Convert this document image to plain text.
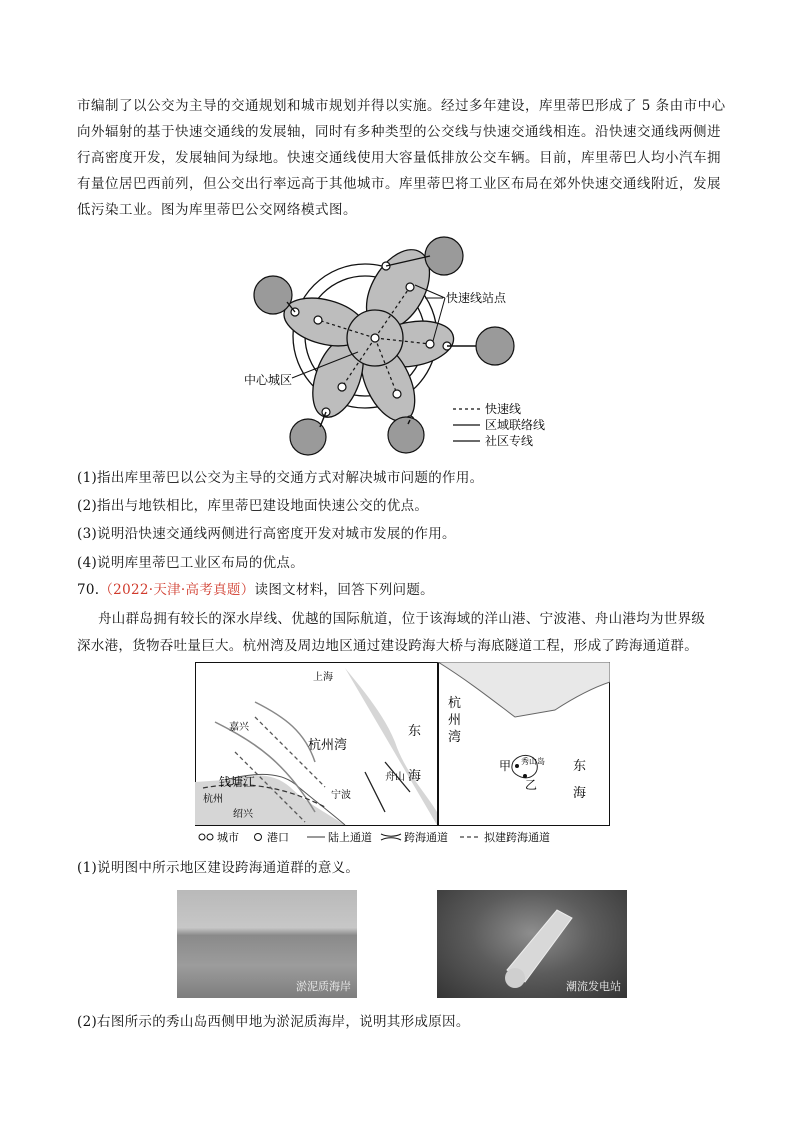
市编制了以公交为主导的交通规划和城市规划并得以实施。经过多年建设，库里蒂巴形成了 5 条由市中心
向外辐射的基于快速交通线的发展轴，同时有多种类型的公交线与快速交通线相连。沿快速交通线两侧进
行高密度开发，发展轴间为绿地。快速交通线使用大容量低排放公交车辆。目前，库里蒂巴人均小汽车拥
有量位居巴西前列，但公交出行率远高于其他城市。库里蒂巴将工业区布局在郊外快速交通线附近，发展
低污染工业。图为库里蒂巴公交网络模式图。
快速线站点
中心城区
快速线
区域联络线
社区专线
(1)指出库里蒂巴以公交为主导的交通方式对解决城市问题的作用。
(2)指出与地铁相比，库里蒂巴建设地面快速公交的优点。
(3)说明沿快速交通线两侧进行高密度开发对城市发展的作用。
(4)说明库里蒂巴工业区布局的优点。
70.（2022·天津·高考真题）读图文材料，回答下列问题。
舟山群岛拥有较长的深水岸线、优越的国际航道，位于该海域的洋山港、宁波港、舟山港均为世界级
深水港，货物吞吐量巨大。杭州湾及周边地区通过建设跨海大桥与海底隧道工程，形成了跨海通道群。
上海
嘉兴
杭州湾
东
海
钱塘江
杭州
绍兴
宁波
舟山
杭
州
湾
甲 秀山岛
乙
东
海
城市	港口	陆上通道	跨海通道	拟建跨海通道
(1)说明图中所示地区建设跨海通道群的意义。
淤泥质海岸	潮流发电站
(2)右图所示的秀山岛西侧甲地为淤泥质海岸，说明其形成原因。
